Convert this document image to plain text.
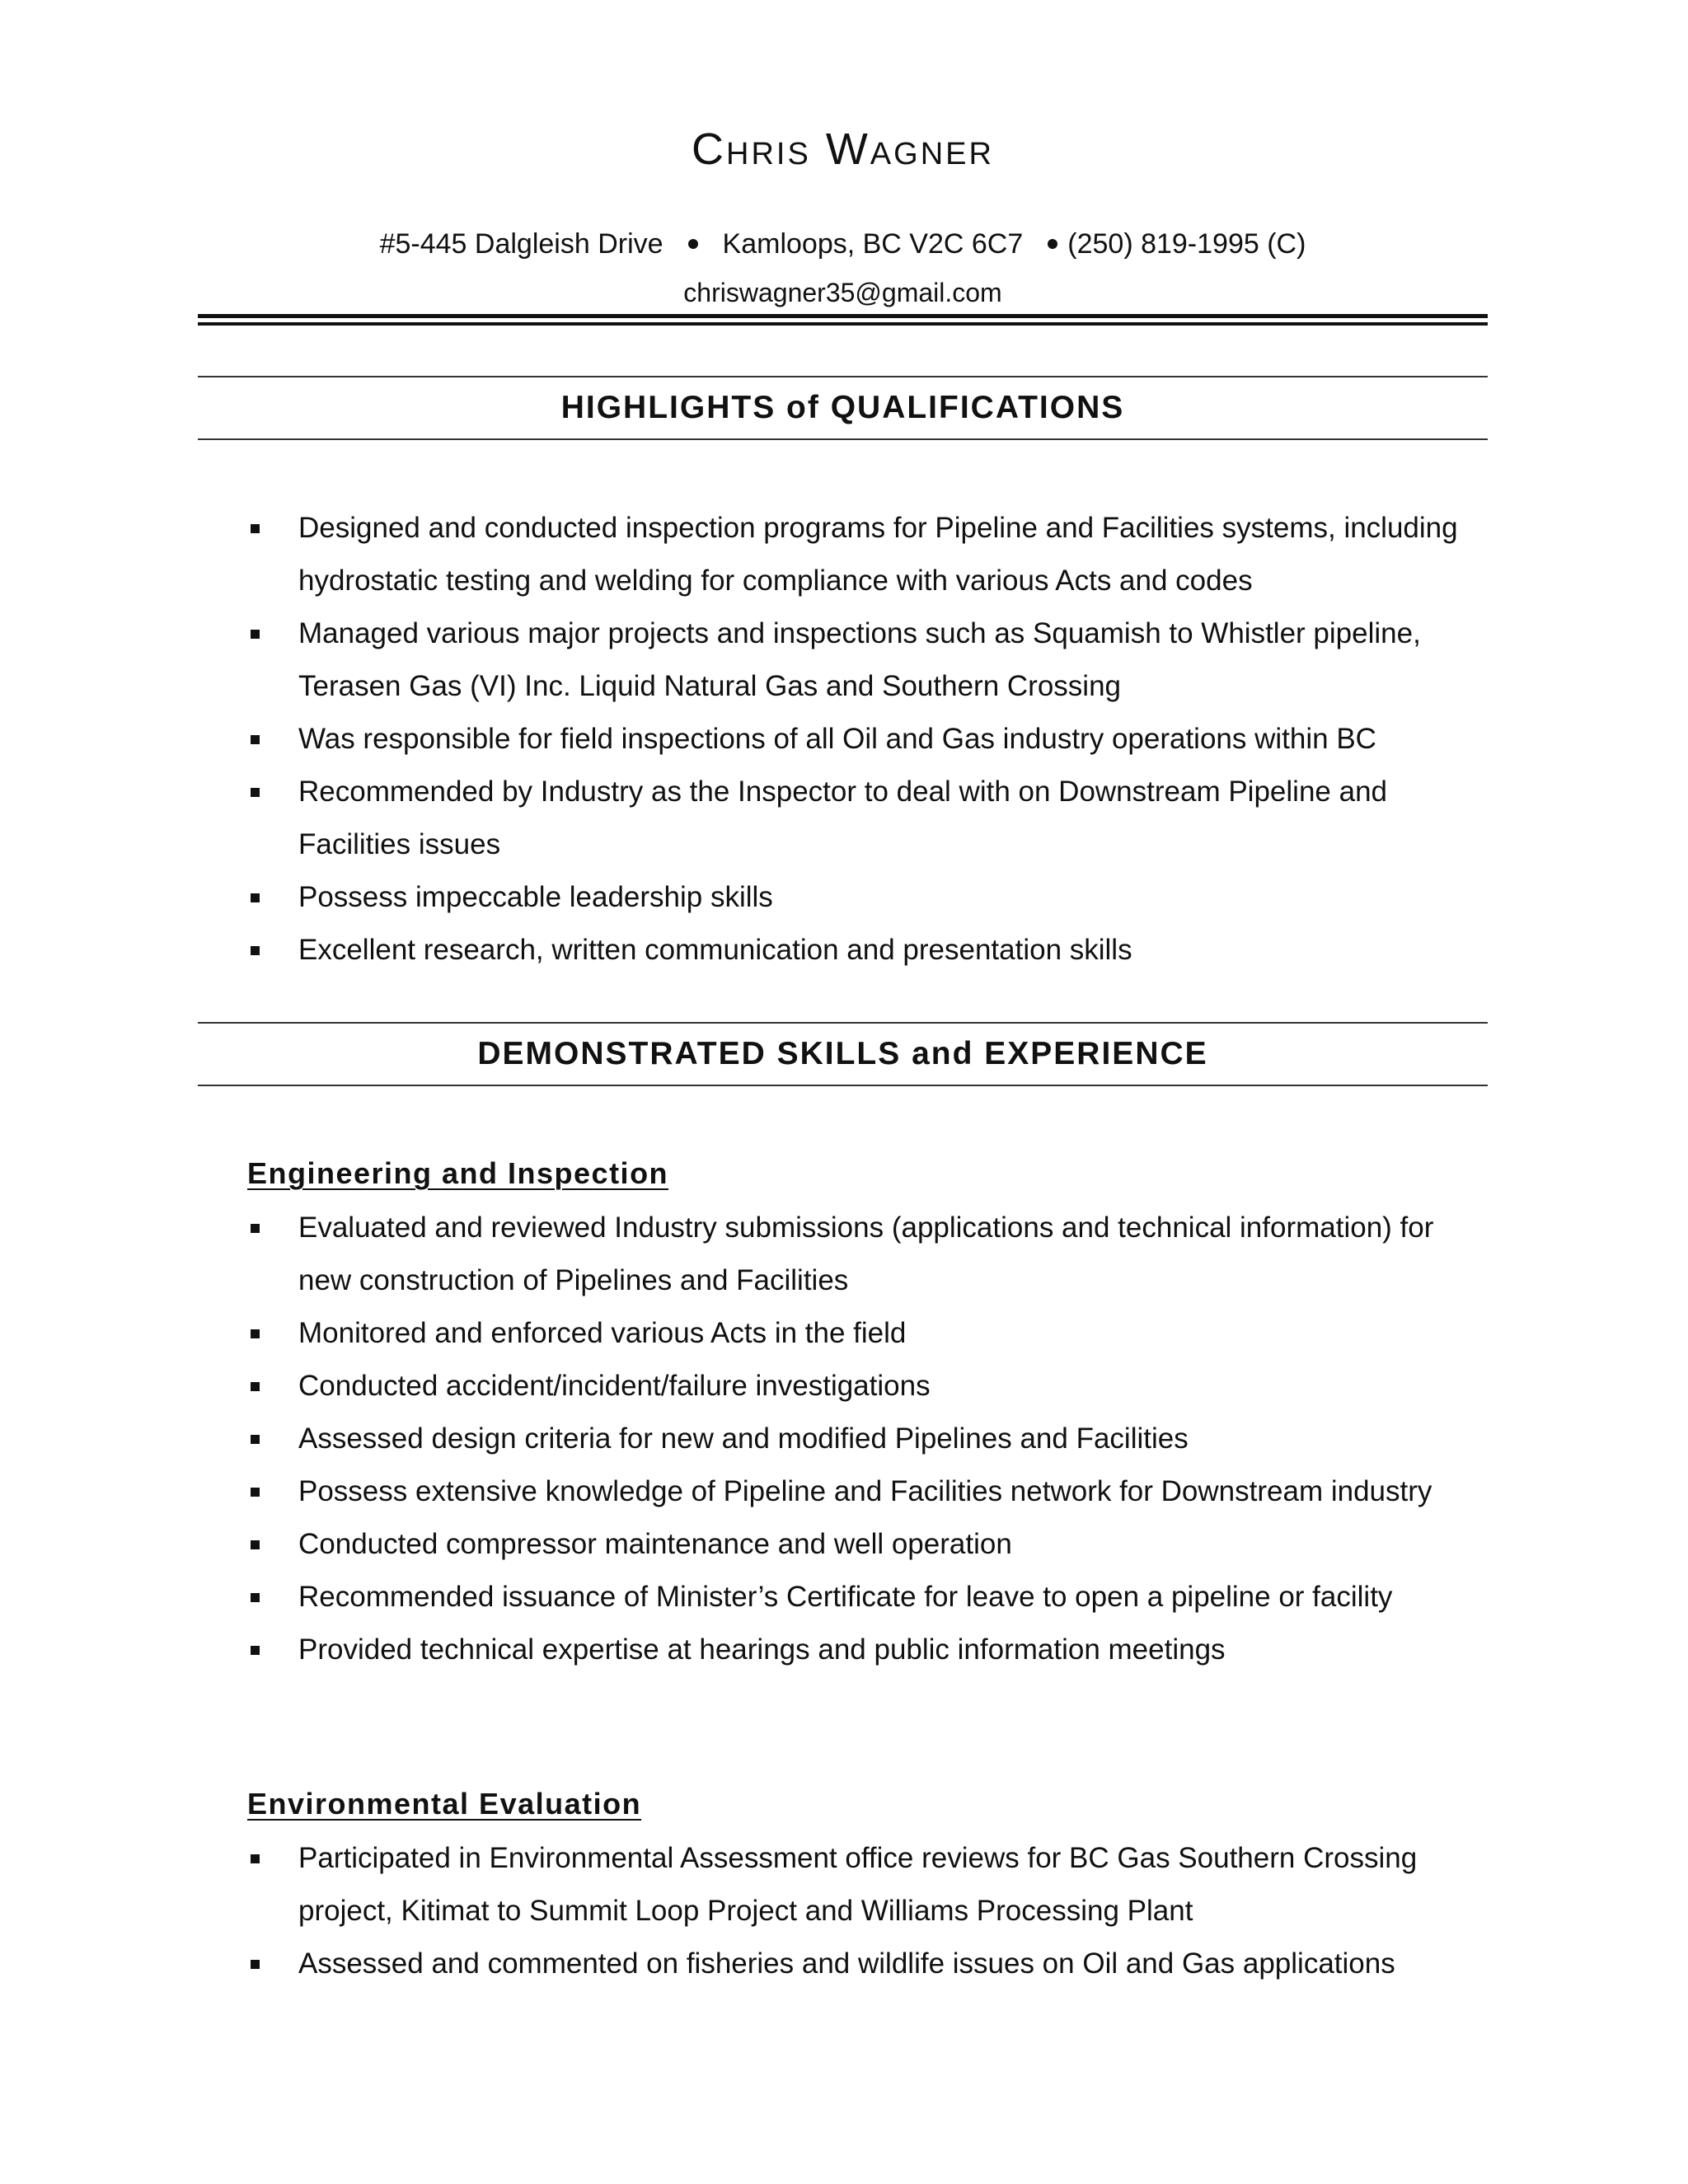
Chris Wagner
#5-445 Dalgleish Drive Kamloops, BC V2C 6C7 (250) 819-1995 (C)
chriswagner35@gmail.com
HIGHLIGHTS of QUALIFICATIONS
Designed and conducted inspection programs for Pipeline and Facilities systems, including hydrostatic testing and welding for compliance with various Acts and codes
Managed various major projects and inspections such as Squamish to Whistler pipeline, Terasen Gas (VI) Inc. Liquid Natural Gas and Southern Crossing
Was responsible for field inspections of all Oil and Gas industry operations within BC
Recommended by Industry as the Inspector to deal with on Downstream Pipeline and Facilities issues
Possess impeccable leadership skills
Excellent research, written communication and presentation skills
DEMONSTRATED SKILLS and EXPERIENCE
Engineering and Inspection
Evaluated and reviewed Industry submissions (applications and technical information) for new construction of Pipelines and Facilities
Monitored and enforced various Acts in the field
Conducted accident/incident/failure investigations
Assessed design criteria for new and modified Pipelines and Facilities
Possess extensive knowledge of Pipeline and Facilities network for Downstream industry
Conducted compressor maintenance and well operation
Recommended issuance of Minister’s Certificate for leave to open a pipeline or facility
Provided technical expertise at hearings and public information meetings
Environmental Evaluation
Participated in Environmental Assessment office reviews for BC Gas Southern Crossing project, Kitimat to Summit Loop Project and Williams Processing Plant
Assessed and commented on fisheries and wildlife issues on Oil and Gas applications
